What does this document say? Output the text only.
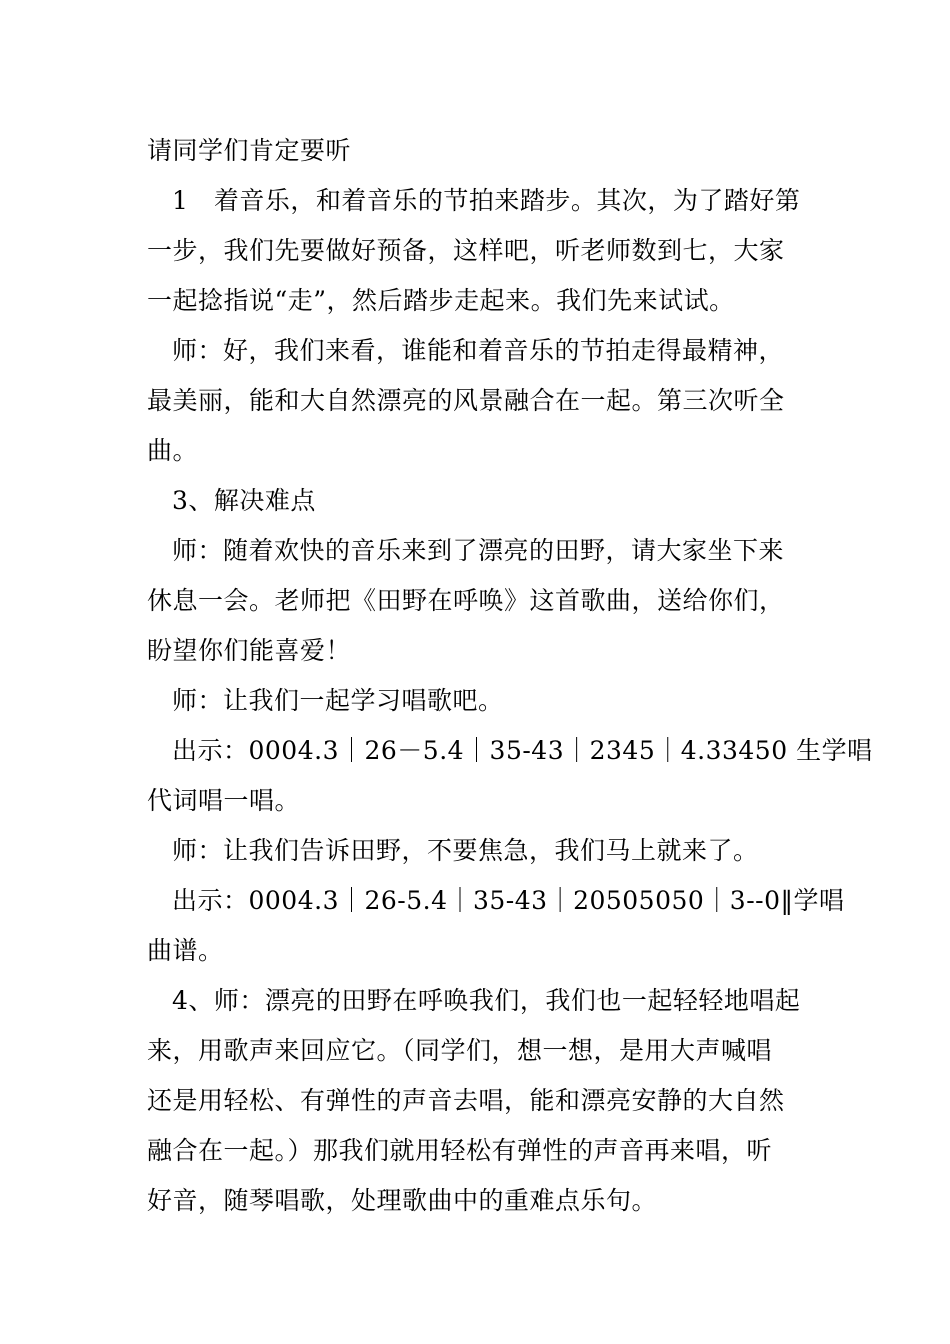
请同学们肯定要听
1　着音乐，和着音乐的节拍来踏步。其次，为了踏好第
一步，我们先要做好预备，这样吧，听老师数到七，大家
一起捻指说“走”，然后踏步走起来。我们先来试试。
师：好，我们来看，谁能和着音乐的节拍走得最精神，
最美丽，能和大自然漂亮的风景融合在一起。第三次听全
曲。
3、解决难点
师：随着欢快的音乐来到了漂亮的田野，请大家坐下来
休息一会。老师把《田野在呼唤》这首歌曲，送给你们，
盼望你们能喜爱！
师：让我们一起学习唱歌吧。
出示：0004.3｜26－5.4｜35-43｜2345｜4.33450 生学唱
代词唱一唱。
师：让我们告诉田野，不要焦急，我们马上就来了。
出示：0004.3｜26-5.4｜35-43｜20505050｜3--0‖学唱
曲谱。
4、师：漂亮的田野在呼唤我们，我们也一起轻轻地唱起
来，用歌声来回应它。（同学们，想一想，是用大声喊唱
还是用轻松、有弹性的声音去唱，能和漂亮安静的大自然
融合在一起。）那我们就用轻松有弹性的声音再来唱，听
好音，随琴唱歌，处理歌曲中的重难点乐句。
